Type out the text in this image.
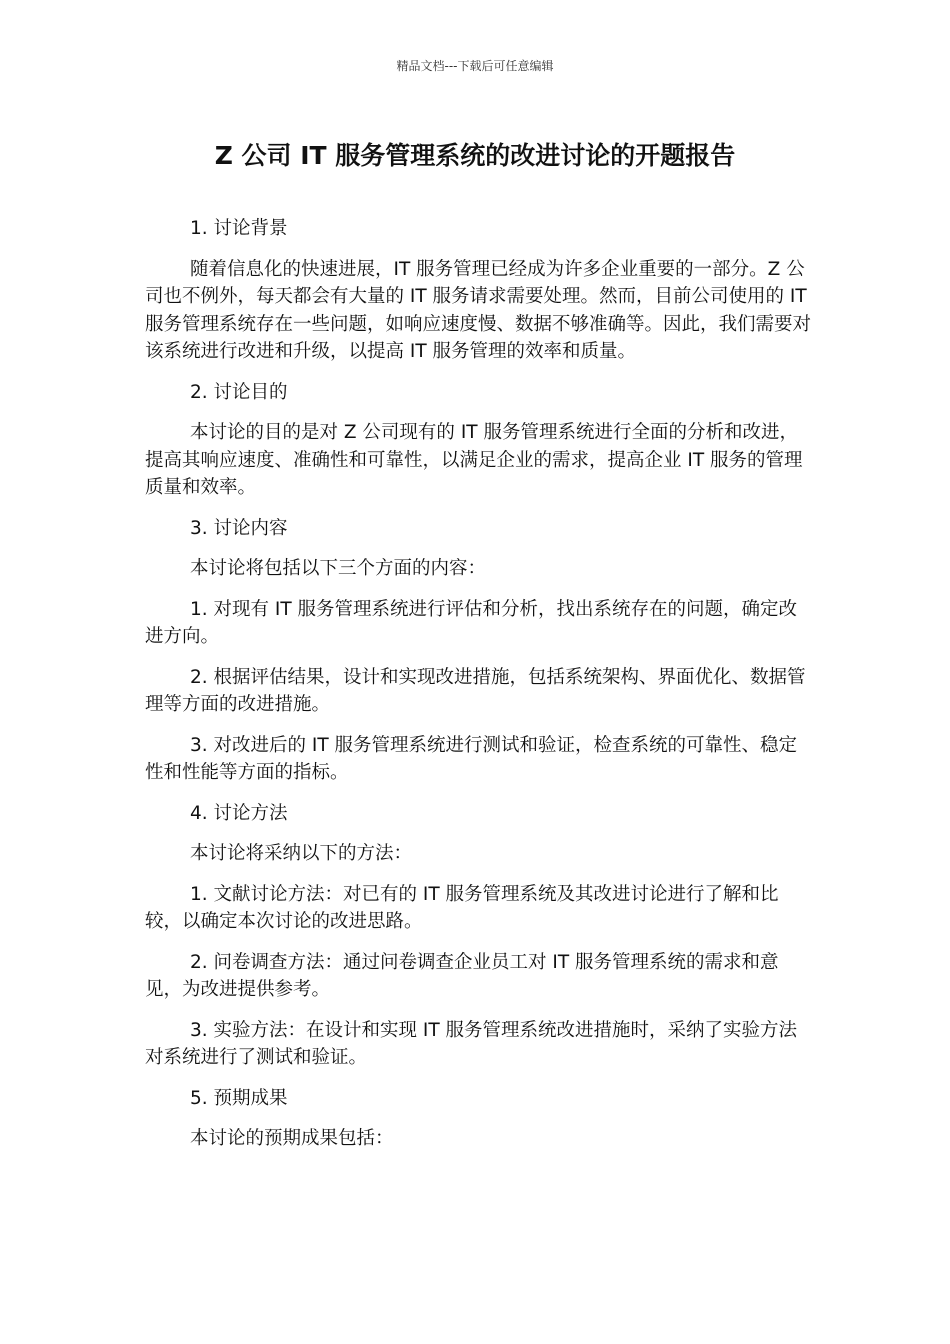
精品文档---下载后可任意编辑
Z 公司 IT 服务管理系统的改进讨论的开题报告

1. 讨论背景

随着信息化的快速进展，IT 服务管理已经成为许多企业重要的一部分。Z 公司也不例外，每天都会有大量的 IT 服务请求需要处理。然而，目前公司使用的 IT 服务管理系统存在一些问题，如响应速度慢、数据不够准确等。因此，我们需要对该系统进行改进和升级，以提高 IT 服务管理的效率和质量。

2. 讨论目的

本讨论的目的是对 Z 公司现有的 IT 服务管理系统进行全面的分析和改进，提高其响应速度、准确性和可靠性，以满足企业的需求，提高企业 IT 服务的管理质量和效率。

3. 讨论内容

本讨论将包括以下三个方面的内容：

1. 对现有 IT 服务管理系统进行评估和分析，找出系统存在的问题，确定改进方向。

2. 根据评估结果，设计和实现改进措施，包括系统架构、界面优化、数据管理等方面的改进措施。

3. 对改进后的 IT 服务管理系统进行测试和验证，检查系统的可靠性、稳定性和性能等方面的指标。

4. 讨论方法

本讨论将采纳以下的方法：

1. 文献讨论方法：对已有的 IT 服务管理系统及其改进讨论进行了解和比较，以确定本次讨论的改进思路。

2. 问卷调查方法：通过问卷调查企业员工对 IT 服务管理系统的需求和意见，为改进提供参考。

3. 实验方法：在设计和实现 IT 服务管理系统改进措施时，采纳了实验方法对系统进行了测试和验证。

5. 预期成果

本讨论的预期成果包括：
